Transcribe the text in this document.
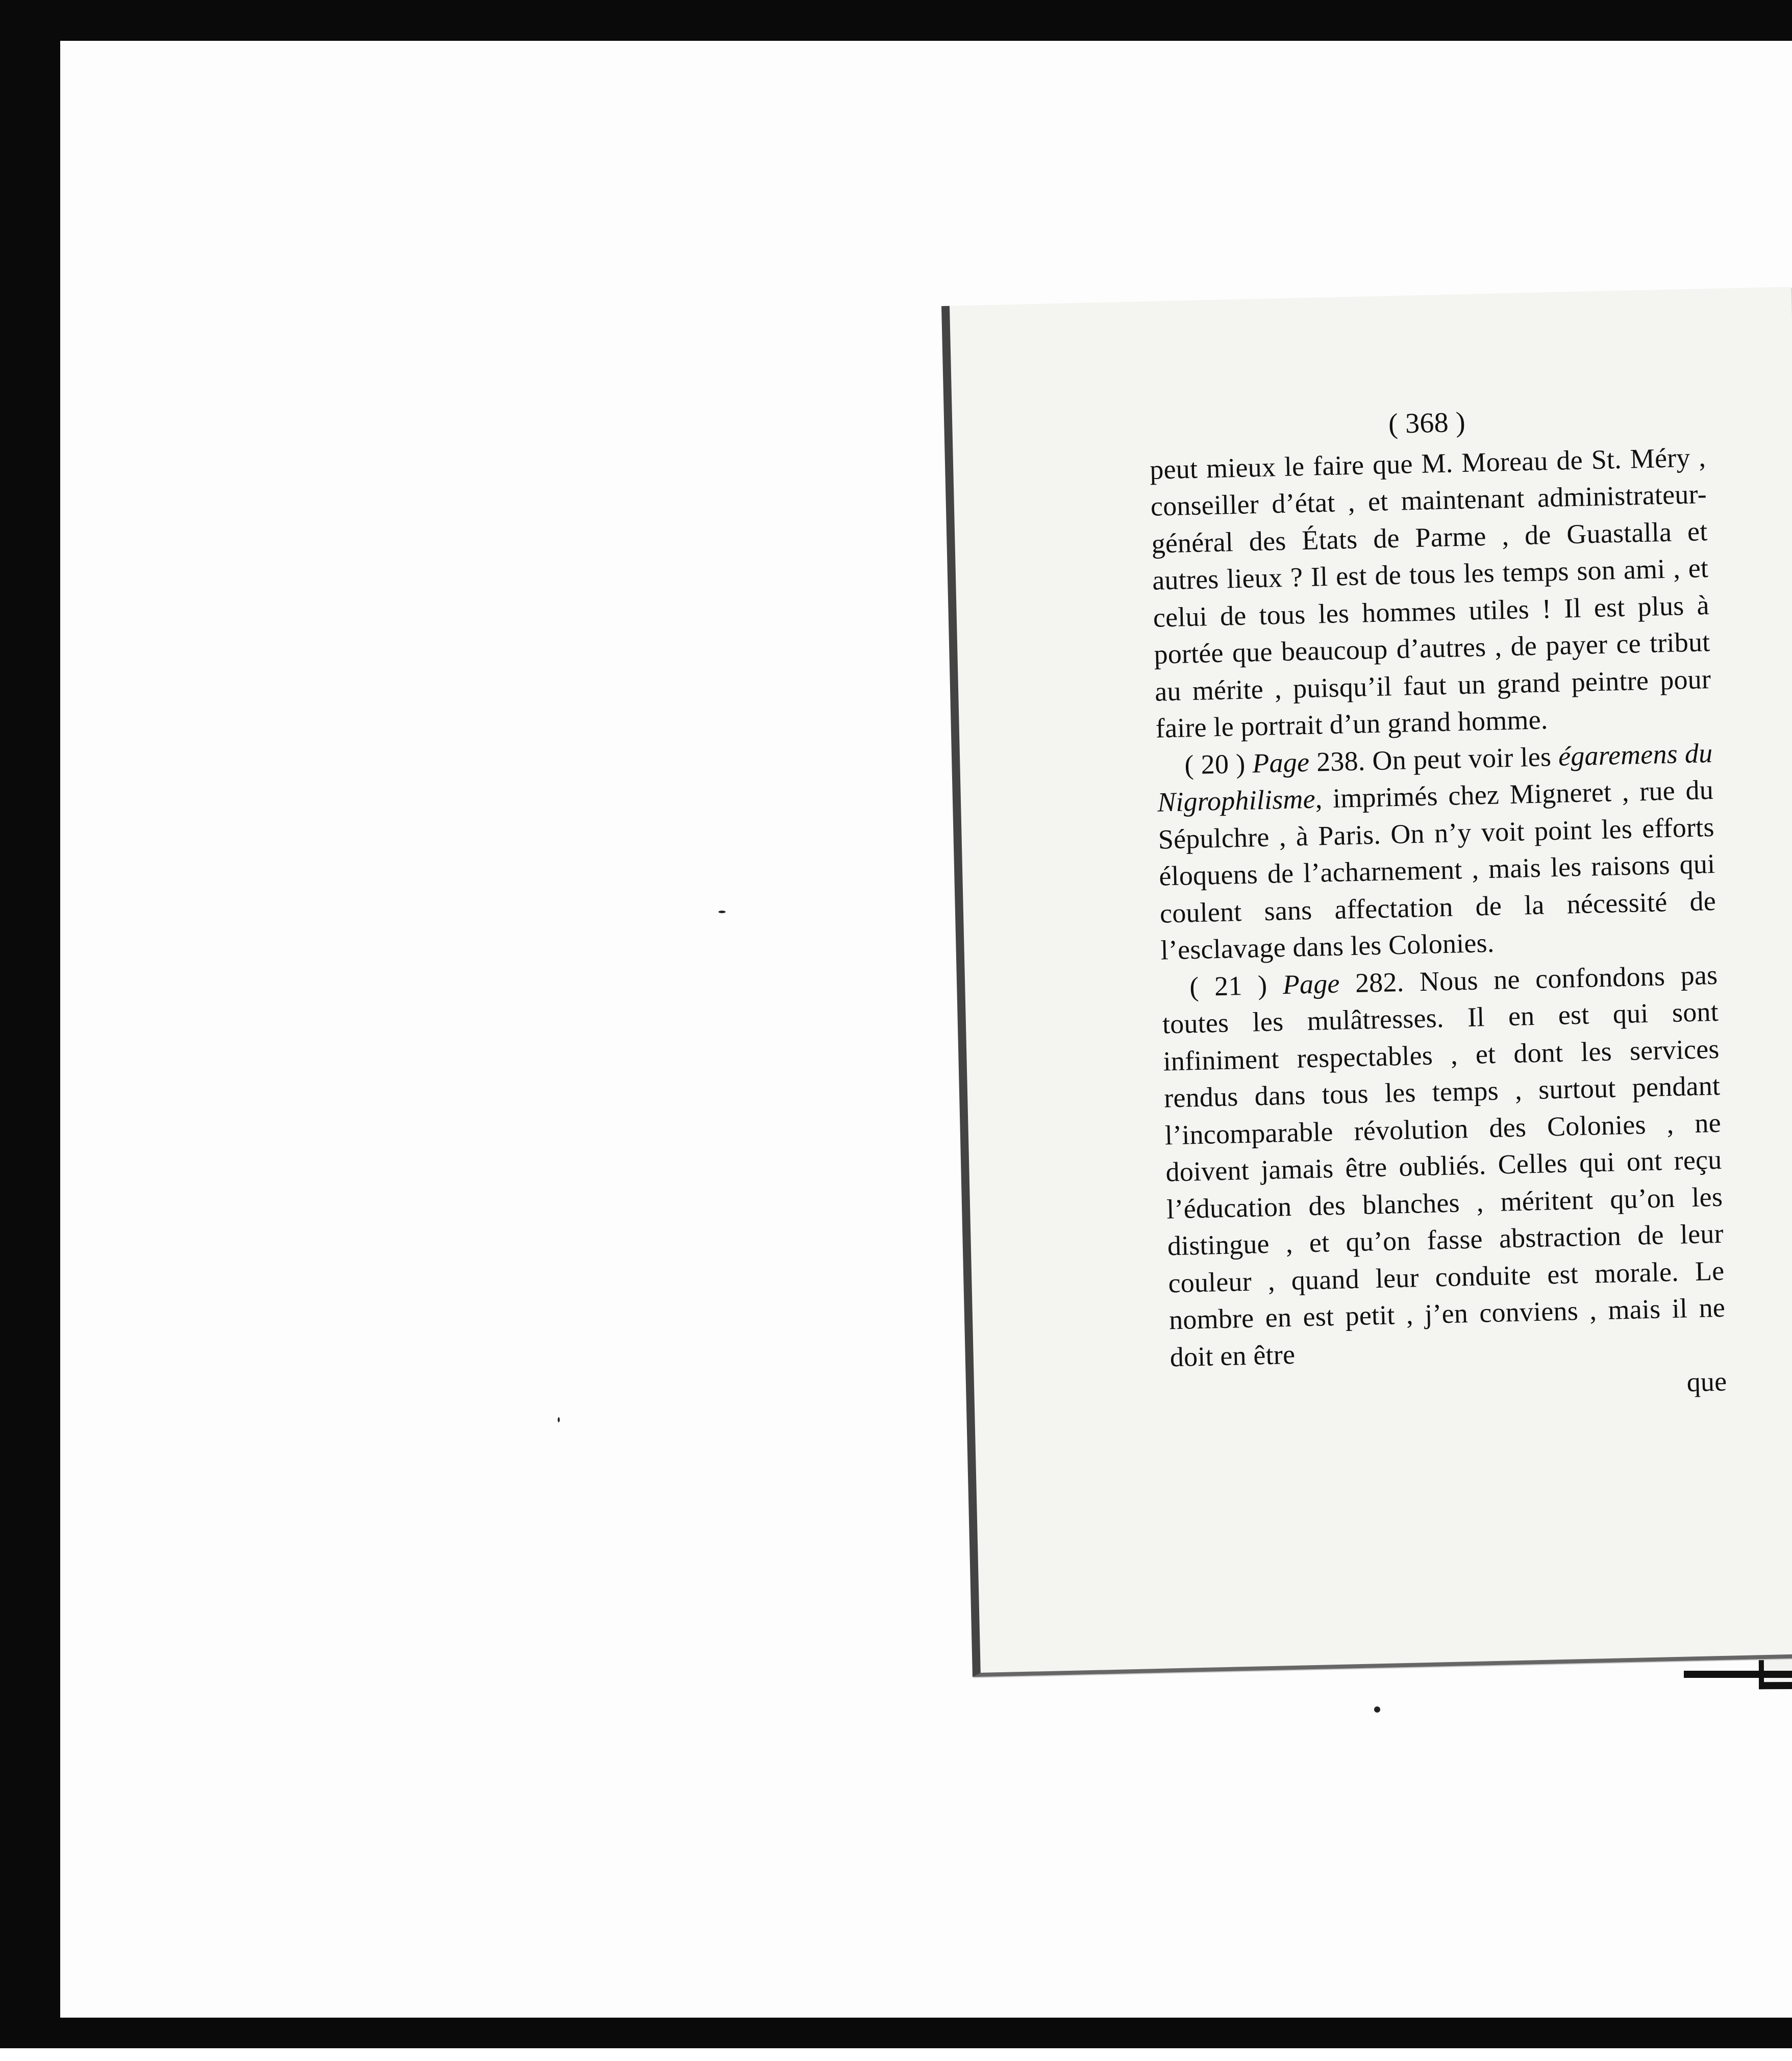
( 368 )

peut mieux le faire que M. Moreau de St. Méry , conseiller d’état , et maintenant administrateur-général des États de Parme , de Guastalla et autres lieux ? Il est de tous les temps son ami , et celui de tous les hommes utiles ! Il est plus à portée que beaucoup d’autres , de payer ce tribut au mérite , puisqu’il faut un grand peintre pour faire le portrait d’un grand homme.

( 20 ) Page 238. On peut voir les égaremens du Nigrophilisme, imprimés chez Migneret , rue du Sépulchre , à Paris. On n’y voit point les efforts éloquens de l’acharnement , mais les raisons qui coulent sans affectation de la nécessité de l’esclavage dans les Colonies.

( 21 ) Page 282. Nous ne confondons pas toutes les mulâtresses. Il en est qui sont infiniment respectables , et dont les services rendus dans tous les temps , surtout pendant l’incomparable révolution des Colonies , ne doivent jamais être oubliés. Celles qui ont reçu l’éducation des blanches , méritent qu’on les distingue , et qu’on fasse abstraction de leur couleur , quand leur conduite est morale. Le nombre en est petit , j’en conviens , mais il ne doit en être

que
